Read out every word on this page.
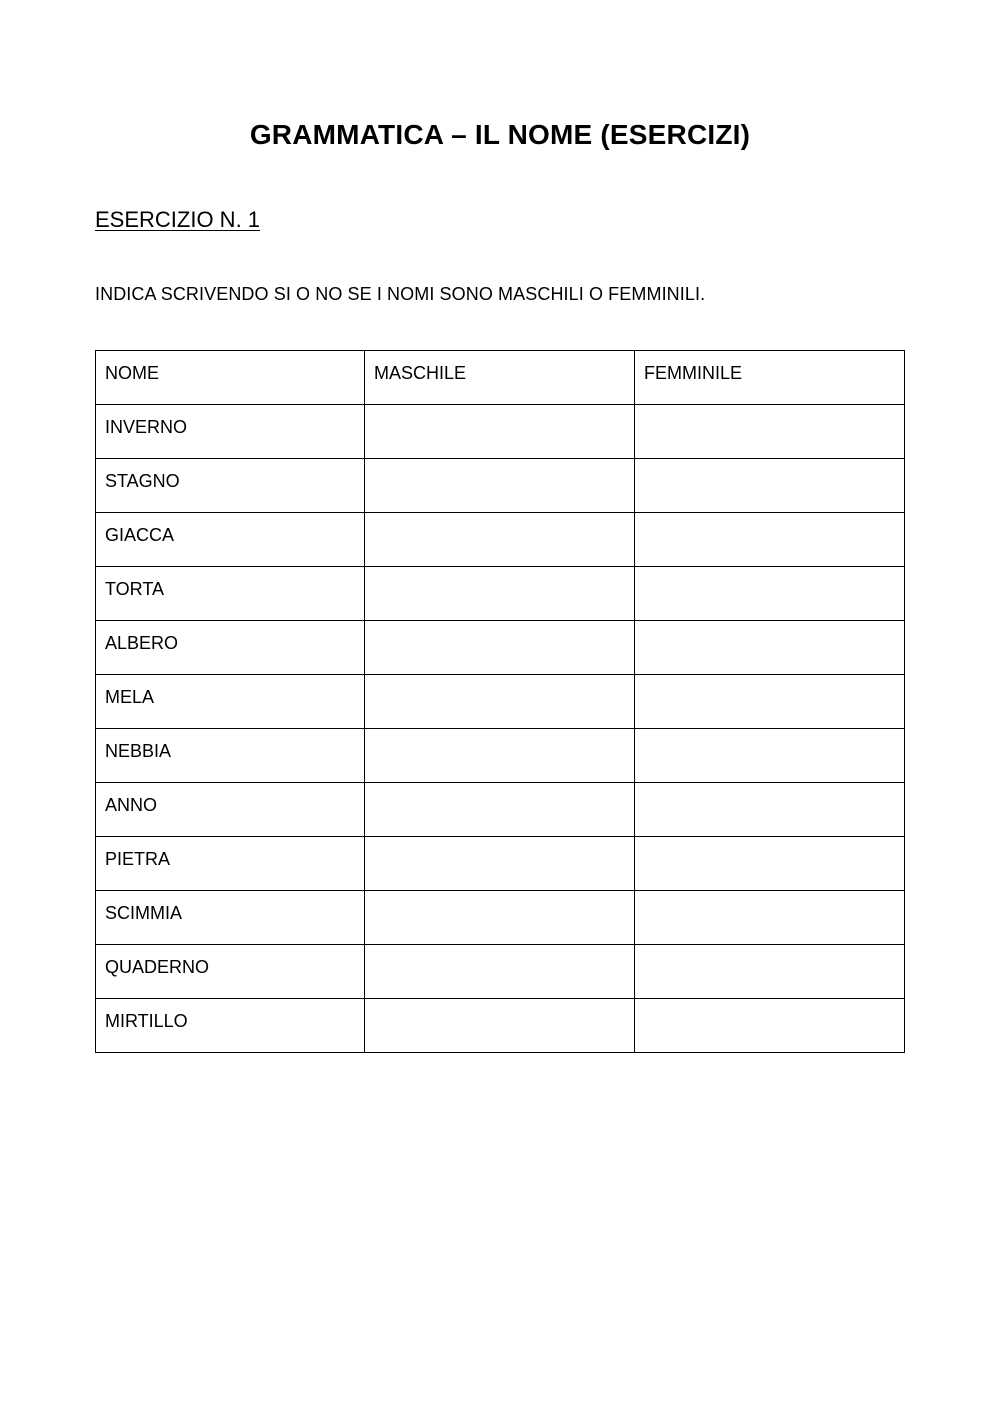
GRAMMATICA – IL NOME (ESERCIZI)
ESERCIZIO N. 1
INDICA SCRIVENDO SI O NO SE I NOMI SONO MASCHILI O FEMMINILI.
NOME	MASCHILE	FEMMINILE

INVERNO		

STAGNO		

GIACCA		

TORTA		

ALBERO		

MELA		

NEBBIA		

ANNO		

PIETRA		

SCIMMIA		

QUADERNO		

MIRTILLO		
